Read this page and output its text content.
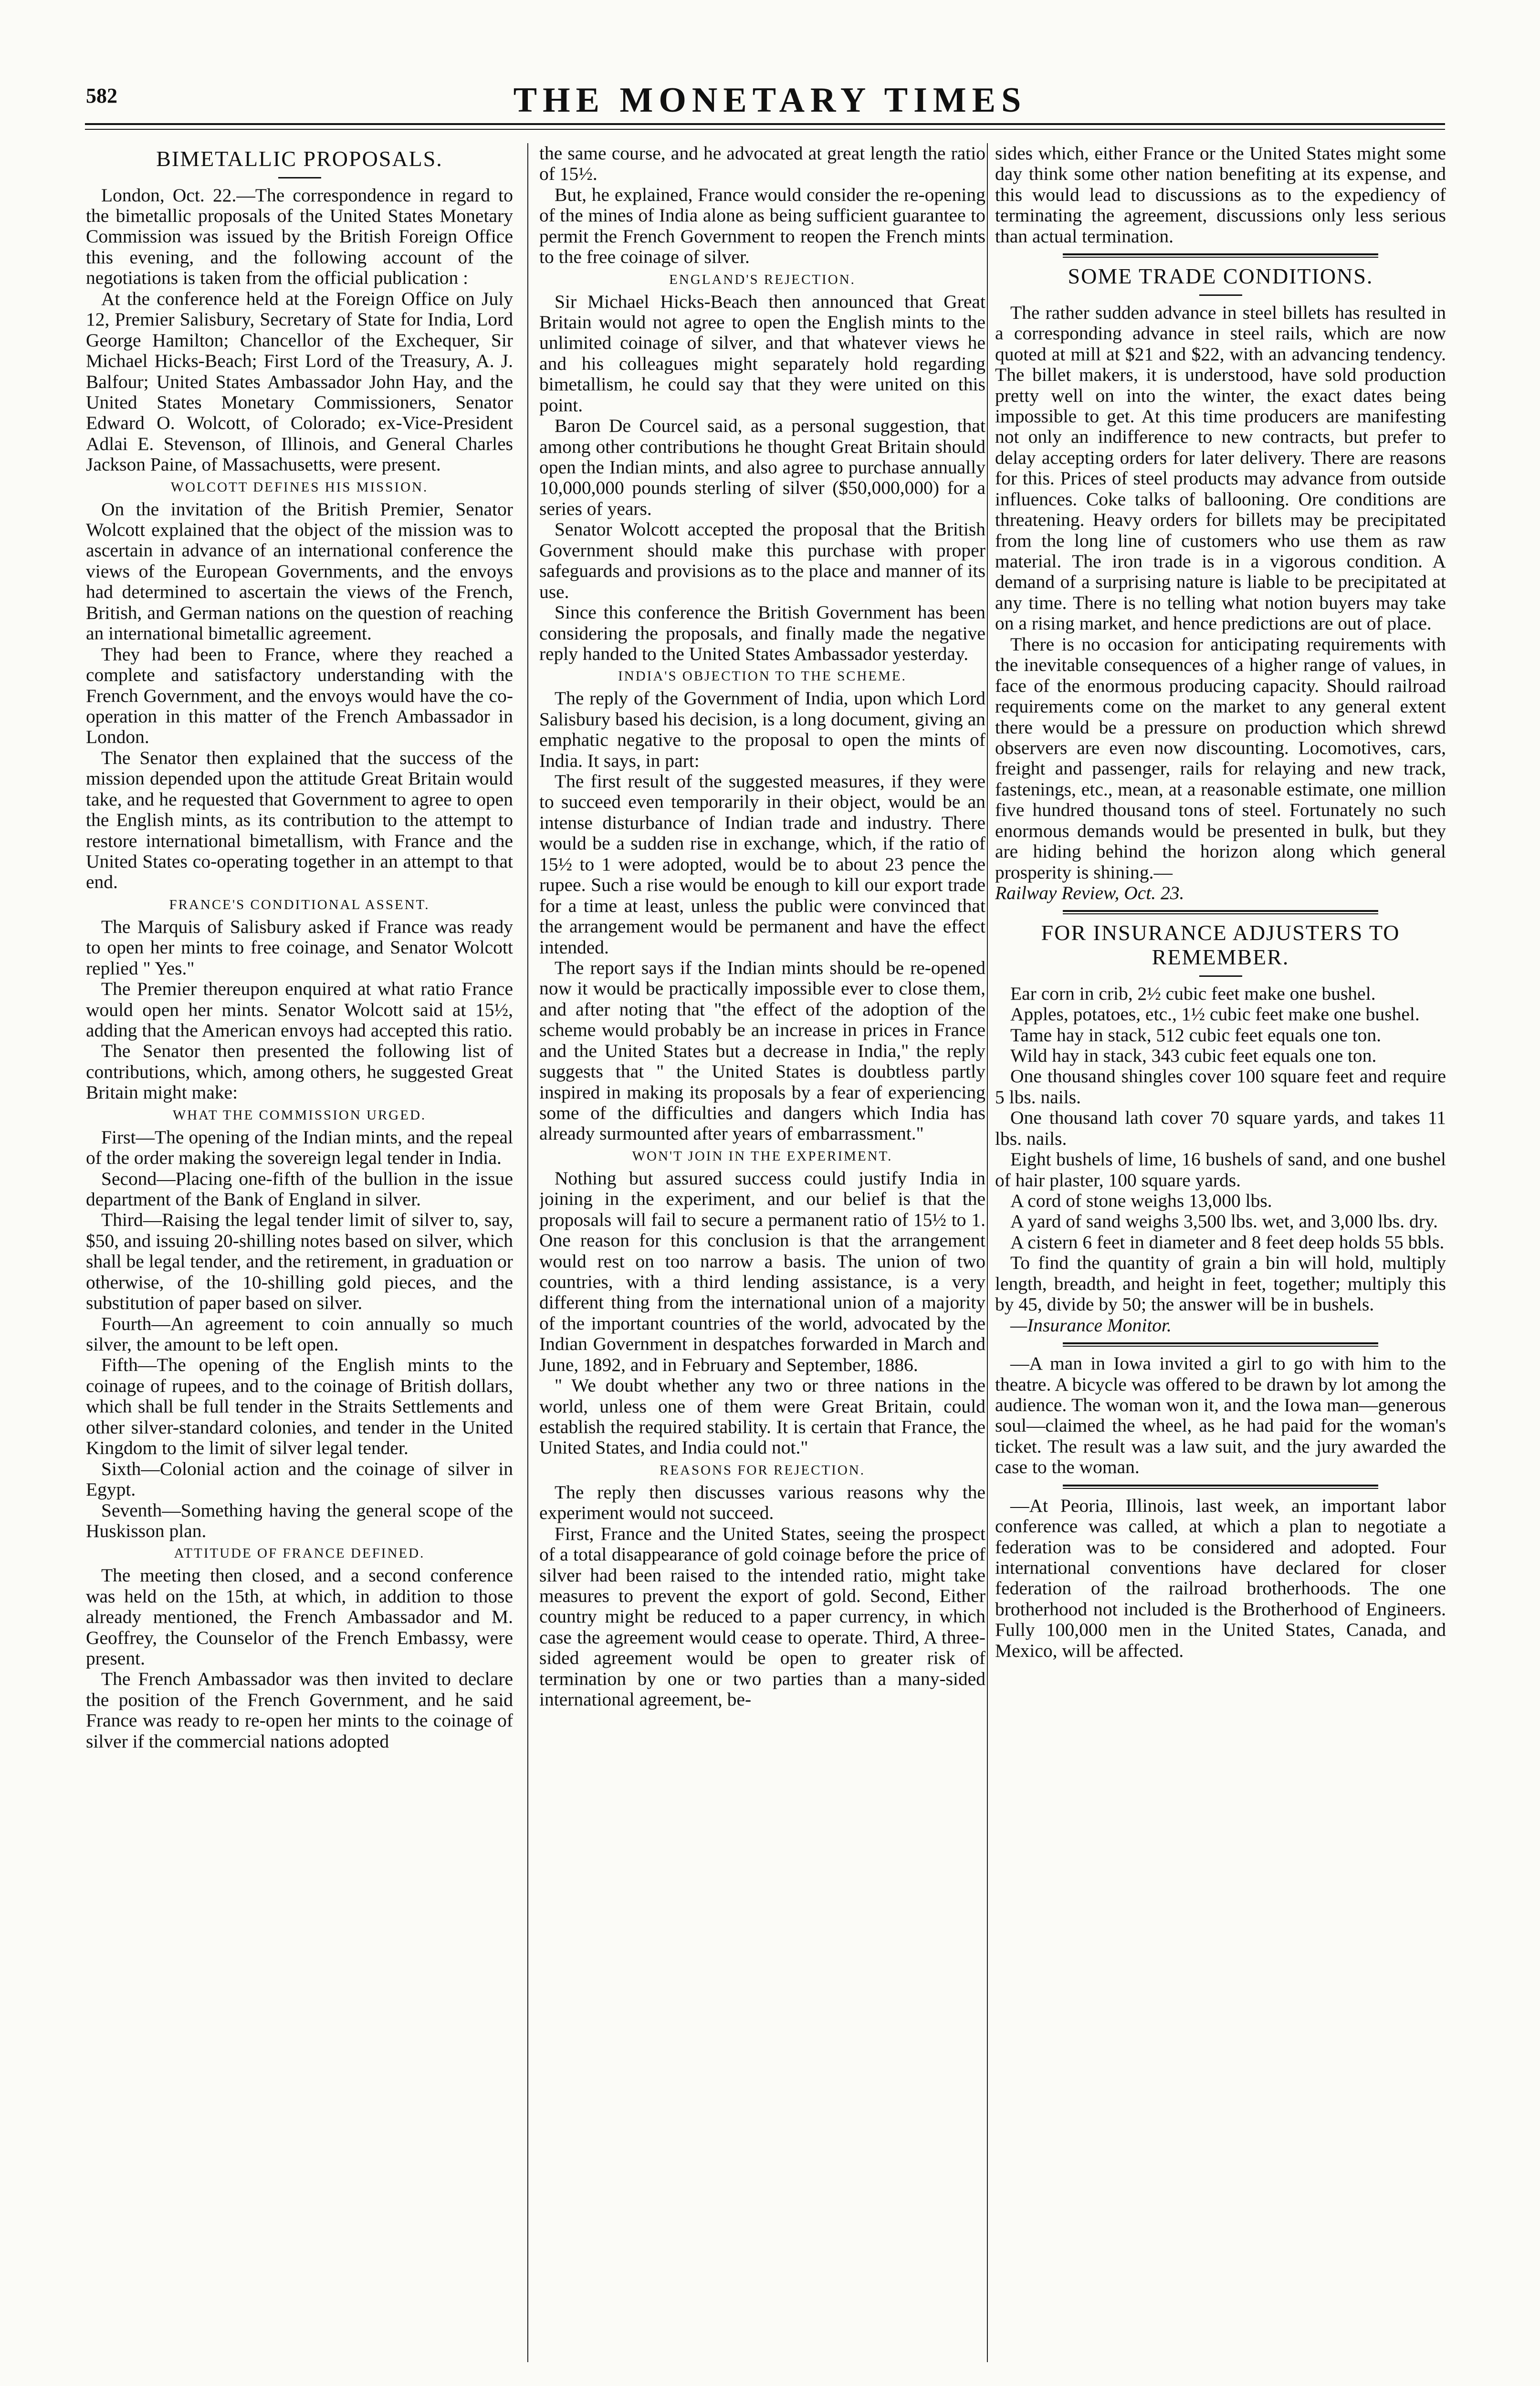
582	THE MONETARY TIMES
BIMETALLIC PROPOSALS.

London, Oct. 22.—The correspondence in regard to the bimetallic proposals of the United States Monetary Commission was issued by the British Foreign Office this evening, and the following account of the negotiations is taken from the official publication :

At the conference held at the Foreign Office on July 12, Premier Salisbury, Secretary of State for India, Lord George Hamilton; Chancellor of the Exchequer, Sir Michael Hicks-Beach; First Lord of the Treasury, A. J. Balfour; United States Ambassador John Hay, and the United States Monetary Commissioners, Senator Edward O. Wolcott, of Colorado; ex-Vice-President Adlai E. Stevenson, of Illinois, and General Charles Jackson Paine, of Massachusetts, were present.

WOLCOTT DEFINES HIS MISSION.

On the invitation of the British Premier, Senator Wolcott explained that the object of the mission was to ascertain in advance of an international conference the views of the European Governments, and the envoys had determined to ascertain the views of the French, British, and German nations on the question of reaching an international bimetallic agreement.

They had been to France, where they reached a complete and satisfactory understanding with the French Government, and the envoys would have the co-operation in this matter of the French Ambassador in London.

The Senator then explained that the success of the mission depended upon the attitude Great Britain would take, and he requested that Government to agree to open the English mints, as its contribution to the attempt to restore international bimetallism, with France and the United States co-operating together in an attempt to that end.

FRANCE'S CONDITIONAL ASSENT.

The Marquis of Salisbury asked if France was ready to open her mints to free coinage, and Senator Wolcott replied " Yes."

The Premier thereupon enquired at what ratio France would open her mints. Senator Wolcott said at 15½, adding that the American envoys had accepted this ratio.

The Senator then presented the following list of contributions, which, among others, he suggested Great Britain might make:

WHAT THE COMMISSION URGED.

First—The opening of the Indian mints, and the repeal of the order making the sovereign legal tender in India.

Second—Placing one-fifth of the bullion in the issue department of the Bank of England in silver.

Third—Raising the legal tender limit of silver to, say, $50, and issuing 20-shilling notes based on silver, which shall be legal tender, and the retirement, in graduation or otherwise, of the 10-shilling gold pieces, and the substitution of paper based on silver.

Fourth—An agreement to coin annually so much silver, the amount to be left open.

Fifth—The opening of the English mints to the coinage of rupees, and to the coinage of British dollars, which shall be full tender in the Straits Settlements and other silver-standard colonies, and tender in the United Kingdom to the limit of silver legal tender.

Sixth—Colonial action and the coinage of silver in Egypt.

Seventh—Something having the general scope of the Huskisson plan.

ATTITUDE OF FRANCE DEFINED.

The meeting then closed, and a second conference was held on the 15th, at which, in addition to those already mentioned, the French Ambassador and M. Geoffrey, the Counselor of the French Embassy, were present.

The French Ambassador was then invited to declare the position of the French Government, and he said France was ready to re-open her mints to the coinage of silver if the commercial nations adopted

the same course, and he advocated at great length the ratio of 15½.

But, he explained, France would consider the re-opening of the mines of India alone as being sufficient guarantee to permit the French Government to reopen the French mints to the free coinage of silver.

ENGLAND'S REJECTION.

Sir Michael Hicks-Beach then announced that Great Britain would not agree to open the English mints to the unlimited coinage of silver, and that whatever views he and his colleagues might separately hold regarding bimetallism, he could say that they were united on this point.

Baron De Courcel said, as a personal suggestion, that among other contributions he thought Great Britain should open the Indian mints, and also agree to purchase annually 10,000,000 pounds sterling of silver ($50,000,000) for a series of years.

Senator Wolcott accepted the proposal that the British Government should make this purchase with proper safeguards and provisions as to the place and manner of its use.

Since this conference the British Government has been considering the proposals, and finally made the negative reply handed to the United States Ambassador yesterday.

INDIA'S OBJECTION TO THE SCHEME.

The reply of the Government of India, upon which Lord Salisbury based his decision, is a long document, giving an emphatic negative to the proposal to open the mints of India. It says, in part:

The first result of the suggested measures, if they were to succeed even temporarily in their object, would be an intense disturbance of Indian trade and industry. There would be a sudden rise in exchange, which, if the ratio of 15½ to 1 were adopted, would be to about 23 pence the rupee. Such a rise would be enough to kill our export trade for a time at least, unless the public were convinced that the arrangement would be permanent and have the effect intended.

The report says if the Indian mints should be re-opened now it would be practically impossible ever to close them, and after noting that "the effect of the adoption of the scheme would probably be an increase in prices in France and the United States but a decrease in India," the reply suggests that " the United States is doubtless partly inspired in making its proposals by a fear of experiencing some of the difficulties and dangers which India has already surmounted after years of embarrassment."

WON'T JOIN IN THE EXPERIMENT.

Nothing but assured success could justify India in joining in the experiment, and our belief is that the proposals will fail to secure a permanent ratio of 15½ to 1. One reason for this conclusion is that the arrangement would rest on too narrow a basis. The union of two countries, with a third lending assistance, is a very different thing from the international union of a majority of the important countries of the world, advocated by the Indian Government in despatches forwarded in March and June, 1892, and in February and September, 1886.

" We doubt whether any two or three nations in the world, unless one of them were Great Britain, could establish the required stability. It is certain that France, the United States, and India could not."

REASONS FOR REJECTION.

The reply then discusses various reasons why the experiment would not succeed.

First, France and the United States, seeing the prospect of a total disappearance of gold coinage before the price of silver had been raised to the intended ratio, might take measures to prevent the export of gold. Second, Either country might be reduced to a paper currency, in which case the agreement would cease to operate. Third, A three-sided agreement would be open to greater risk of termination by one or two parties than a many-sided international agreement, be-

sides which, either France or the United States might some day think some other nation benefiting at its expense, and this would lead to discussions as to the expediency of terminating the agreement, discussions only less serious than actual termination.

SOME TRADE CONDITIONS.

The rather sudden advance in steel billets has resulted in a corresponding advance in steel rails, which are now quoted at mill at $21 and $22, with an advancing tendency. The billet makers, it is understood, have sold production pretty well on into the winter, the exact dates being impossible to get. At this time producers are manifesting not only an indifference to new contracts, but prefer to delay accepting orders for later delivery. There are reasons for this. Prices of steel products may advance from outside influences. Coke talks of ballooning. Ore conditions are threatening. Heavy orders for billets may be precipitated from the long line of customers who use them as raw material. The iron trade is in a vigorous condition. A demand of a surprising nature is liable to be precipitated at any time. There is no telling what notion buyers may take on a rising market, and hence predictions are out of place.

There is no occasion for anticipating requirements with the inevitable consequences of a higher range of values, in face of the enormous producing capacity. Should railroad requirements come on the market to any general extent there would be a pressure on production which shrewd observers are even now discounting. Locomotives, cars, freight and passenger, rails for relaying and new track, fastenings, etc., mean, at a reasonable estimate, one million five hundred thousand tons of steel. Fortunately no such enormous demands would be presented in bulk, but they are hiding behind the horizon along which general prosperity is shining.—

Railway Review, Oct. 23.

FOR INSURANCE ADJUSTERS TO REMEMBER.

Ear corn in crib, 2½ cubic feet make one bushel.

Apples, potatoes, etc., 1½ cubic feet make one bushel.

Tame hay in stack, 512 cubic feet equals one ton.

Wild hay in stack, 343 cubic feet equals one ton.

One thousand shingles cover 100 square feet and require 5 lbs. nails.

One thousand lath cover 70 square yards, and takes 11 lbs. nails.

Eight bushels of lime, 16 bushels of sand, and one bushel of hair plaster, 100 square yards.

A cord of stone weighs 13,000 lbs.

A yard of sand weighs 3,500 lbs. wet, and 3,000 lbs. dry.

A cistern 6 feet in diameter and 8 feet deep holds 55 bbls.

To find the quantity of grain a bin will hold, multiply length, breadth, and height in feet, together; multiply this by 45, divide by 50; the answer will be in bushels.

—Insurance Monitor.

—A man in Iowa invited a girl to go with him to the theatre. A bicycle was offered to be drawn by lot among the audience. The woman won it, and the Iowa man—generous soul—claimed the wheel, as he had paid for the woman's ticket. The result was a law suit, and the jury awarded the case to the woman.

—At Peoria, Illinois, last week, an important labor conference was called, at which a plan to negotiate a federation was to be considered and adopted. Four international conventions have declared for closer federation of the railroad brotherhoods. The one brotherhood not included is the Brotherhood of Engineers. Fully 100,000 men in the United States, Canada, and Mexico, will be affected.
